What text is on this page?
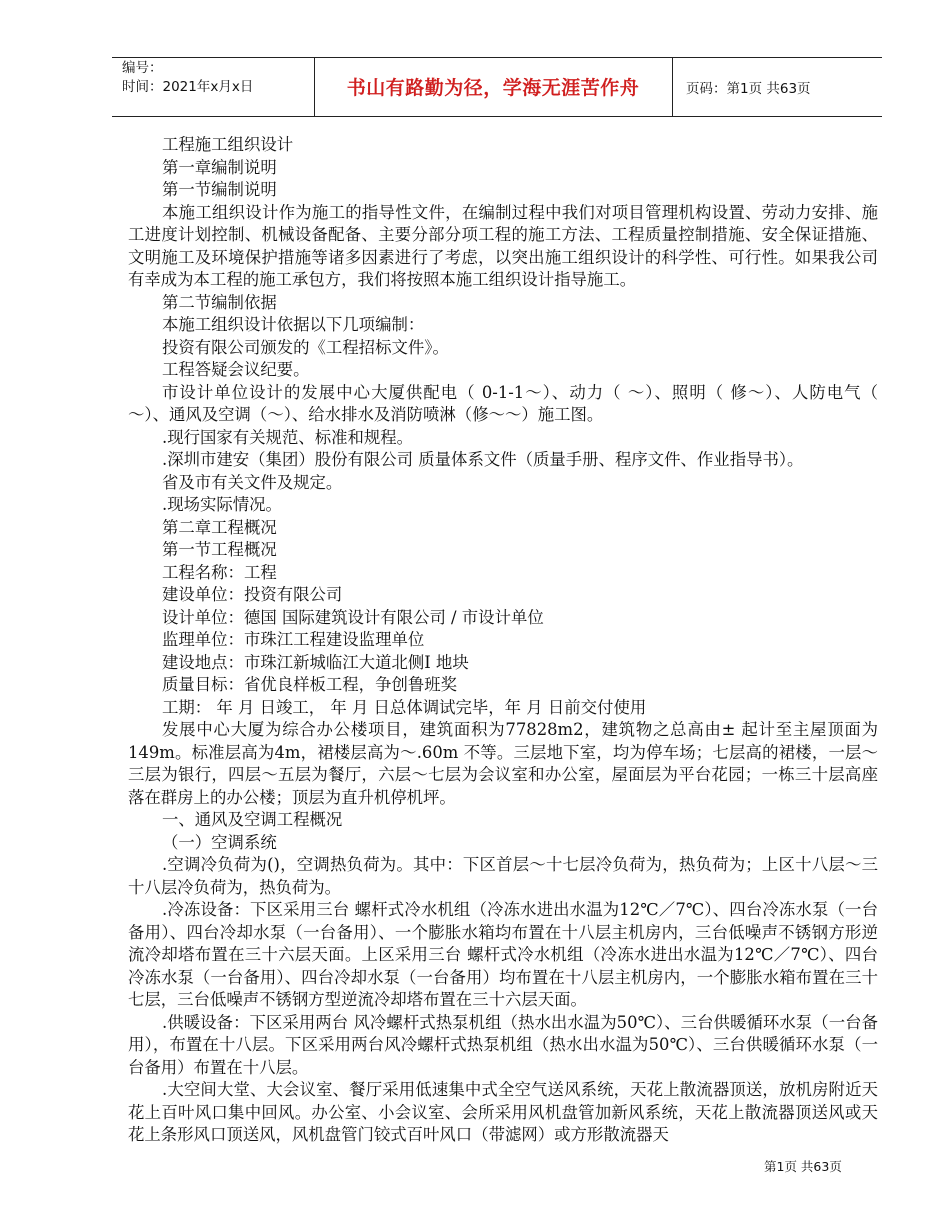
编号：
时间：2021年x月x日	书山有路勤为径，学海无涯苦作舟	页码：第1页 共63页

工程施工组织设计

第一章编制说明

第一节编制说明

本施工组织设计作为施工的指导性文件，在编制过程中我们对项目管理机构设置、劳动力安排、施工进度计划控制、机械设备配备、主要分部分项工程的施工方法、工程质量控制措施、安全保证措施、文明施工及环境保护措施等诸多因素进行了考虑，以突出施工组织设计的科学性、可行性。如果我公司有幸成为本工程的施工承包方，我们将按照本施工组织设计指导施工。

第二节编制依据

本施工组织设计依据以下几项编制：

投资有限公司颁发的《工程招标文件》。

工程答疑会议纪要。

市设计单位设计的发展中心大厦供配电（ 0-1-1～）、动力（ ～）、照明（ 修～）、人防电气（ ～）、通风及空调（～）、给水排水及消防喷淋（修～～）施工图。

.现行国家有关规范、标准和规程。

.深圳市建安（集团）股份有限公司 质量体系文件（质量手册、程序文件、作业指导书）。

省及市有关文件及规定。

.现场实际情况。

第二章工程概况

第一节工程概况

工程名称：工程

建设单位：投资有限公司

设计单位：德国 国际建筑设计有限公司 / 市设计单位

监理单位：市珠江工程建设监理单位

建设地点：市珠江新城临江大道北侧Ⅰ 地块

质量目标：省优良样板工程，争创鲁班奖

工期： 年 月 日竣工， 年 月 日总体调试完毕，年 月 日前交付使用

发展中心大厦为综合办公楼项目，建筑面积为77828m2，建筑物之总高由± 起计至主屋顶面为149m。标准层高为4m，裙楼层高为～.60m 不等。三层地下室，均为停车场；七层高的裙楼，一层～三层为银行，四层～五层为餐厅，六层～七层为会议室和办公室，屋面层为平台花园；一栋三十层高座落在群房上的办公楼；顶层为直升机停机坪。

一、通风及空调工程概况

（一）空调系统

.空调冷负荷为()，空调热负荷为。其中：下区首层～十七层冷负荷为，热负荷为；上区十八层～三十八层冷负荷为，热负荷为。

.冷冻设备：下区采用三台 螺杆式冷水机组（冷冻水进出水温为12℃／7℃）、四台冷冻水泵（一台备用）、四台冷却水泵（一台备用）、一个膨胀水箱均布置在十八层主机房内，三台低噪声不锈钢方形逆流冷却塔布置在三十六层天面。上区采用三台 螺杆式冷水机组（冷冻水进出水温为12℃／7℃）、四台冷冻水泵（一台备用）、四台冷却水泵（一台备用）均布置在十八层主机房内，一个膨胀水箱布置在三十七层，三台低噪声不锈钢方型逆流冷却塔布置在三十六层天面。

.供暖设备：下区采用两台 风冷螺杆式热泵机组（热水出水温为50℃）、三台供暖循环水泵（一台备用），布置在十八层。下区采用两台风冷螺杆式热泵机组（热水出水温为50℃）、三台供暖循环水泵（一台备用）布置在十八层。

.大空间大堂、大会议室、餐厅采用低速集中式全空气送风系统，天花上散流器顶送，放机房附近天花上百叶风口集中回风。办公室、小会议室、会所采用风机盘管加新风系统，天花上散流器顶送风或天花上条形风口顶送风，风机盘管门铰式百叶风口（带滤网）或方形散流器天

第1页 共63页
